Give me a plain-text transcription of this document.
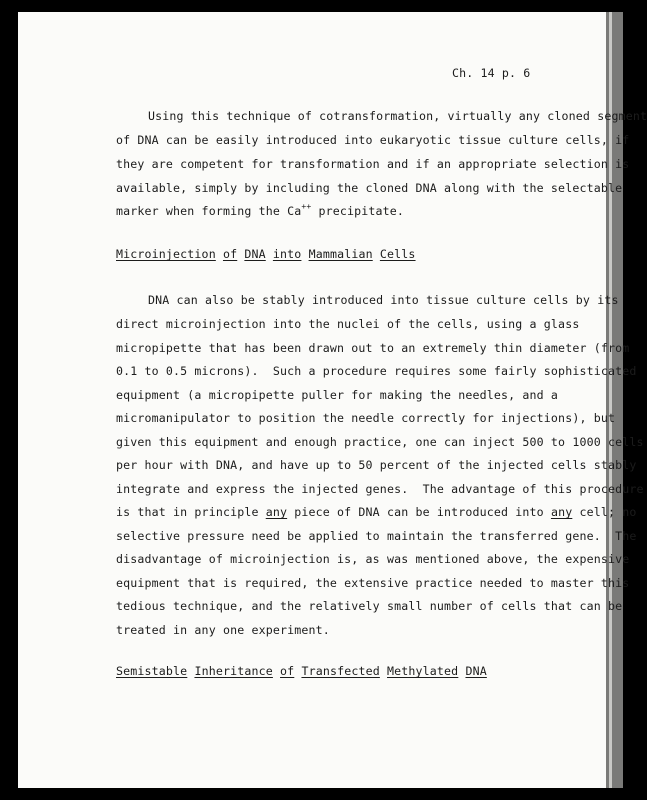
Ch. 14 p. 6
Using this technique of cotransformation, virtually any cloned segment
of DNA can be easily introduced into eukaryotic tissue culture cells, if
they are competent for transformation and if an appropriate selection is
available, simply by including the cloned DNA along with the selectable
marker when forming the Ca++ precipitate.
Microinjection of DNA into Mammalian Cells
DNA can also be stably introduced into tissue culture cells by its
direct microinjection into the nuclei of the cells, using a glass
micropipette that has been drawn out to an extremely thin diameter (from
0.1 to 0.5 microns).  Such a procedure requires some fairly sophisticated
equipment (a micropipette puller for making the needles, and a
micromanipulator to position the needle correctly for injections), but
given this equipment and enough practice, one can inject 500 to 1000 cells
per hour with DNA, and have up to 50 percent of the injected cells stably
integrate and express the injected genes.  The advantage of this procedure
is that in principle any piece of DNA can be introduced into any cell; no
selective pressure need be applied to maintain the transferred gene.  The
disadvantage of microinjection is, as was mentioned above, the expensive
equipment that is required, the extensive practice needed to master this
tedious technique, and the relatively small number of cells that can be
treated in any one experiment.
Semistable Inheritance of Transfected Methylated DNA
